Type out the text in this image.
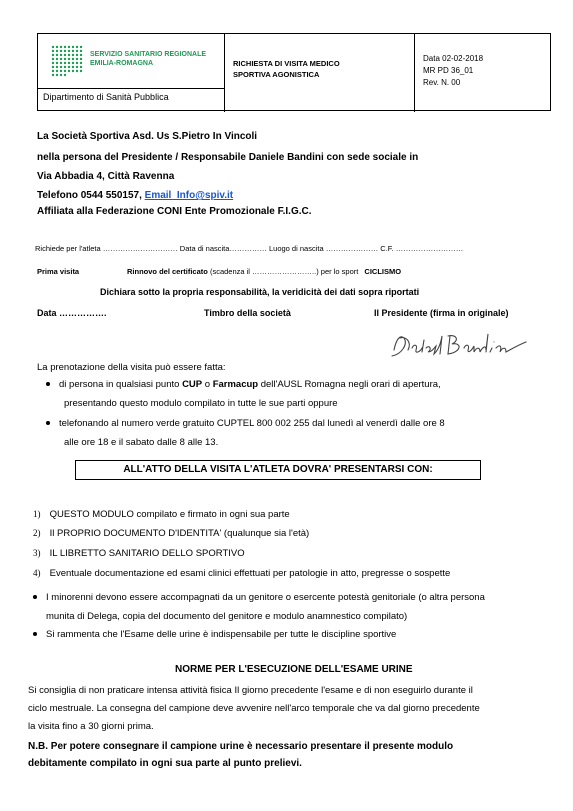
SERVIZIO SANITARIO REGIONALE
EMILIA-ROMAGNA
Dipartimento di Sanità Pubblica
RICHIESTA DI VISITA MEDICO
SPORTIVA AGONISTICA
Data 02-02-2018
MR PD 36_01
Rev. N. 00
La Società Sportiva Asd. Us S.Pietro In Vincoli
nella persona del Presidente / Responsabile Daniele Bandini con sede sociale in
Via Abbadia 4, Città Ravenna
Telefono 0544 550157, Email_Info@spiv.it
Affiliata alla Federazione CONI Ente Promozionale F.I.G.C.
Richiede per l'atleta ………………………… Data di nascita…………… Luogo di nascita ………………… C.F. ………………………
Prima visita	Rinnovo del certificato (scadenza il ……………………..) per lo sport CICLISMO
Dichiara sotto la propria responsabilità, la veridicità dei dati sopra riportati
Data …………….	Timbro della società	Il Presidente (firma in originale)
La prenotazione della visita può essere fatta:
di persona in qualsiasi punto CUP o Farmacup dell'AUSL Romagna negli orari di apertura,
presentando questo modulo compilato in tutte le sue parti oppure
telefonando al numero verde gratuito CUPTEL 800 002 255 dal lunedì al venerdì dalle ore 8
alle ore 18 e il sabato dalle 8 alle 13.
ALL'ATTO DELLA VISITA L'ATLETA DOVRA' PRESENTARSI CON:
1) QUESTO MODULO compilato e firmato in ogni sua parte
2) Il PROPRIO DOCUMENTO D'IDENTITA' (qualunque sia l'età)
3) IL LIBRETTO SANITARIO DELLO SPORTIVO
4) Eventuale documentazione ed esami clinici effettuati per patologie in atto, pregresse o sospette
I minorenni devono essere accompagnati da un genitore o esercente potestà genitoriale (o altra persona
munita di Delega, copia del documento del genitore e modulo anamnestico compilato)
Si rammenta che l'Esame delle urine è indispensabile per tutte le discipline sportive
NORME PER L'ESECUZIONE DELL'ESAME URINE
Si consiglia di non praticare intensa attività fisica Il giorno precedente l'esame e di non eseguirlo durante il
ciclo mestruale. La consegna del campione deve avvenire nell'arco temporale che va dal giorno precedente
la visita fino a 30 giorni prima.
N.B. Per potere consegnare il campione urine è necessario presentare il presente modulo
debitamente compilato in ogni sua parte al punto prelievi.
